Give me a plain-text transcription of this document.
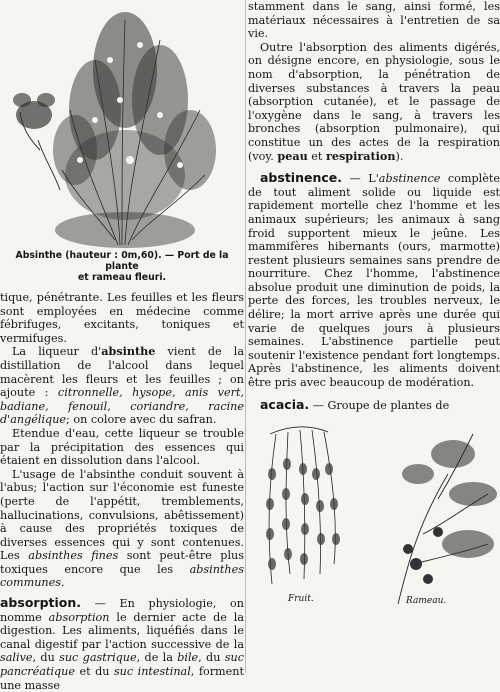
Absinthe (hauteur : 0m,60). — Port de la plante
et rameau fleuri.

tique, pénétrante. Les feuilles et les fleurs sont employées en médecine comme fébrifuges, excitants, toniques et vermifuges.

La liqueur d'absinthe vient de la distillation de l'alcool dans lequel macèrent les fleurs et les feuilles ; on ajoute : citronnelle, hysope, anis vert, badiane, fenouil, coriandre, racine d'angélique; on colore avec du safran.

Etendue d'eau, cette liqueur se trouble par la précipitation des essences qui étaient en dissolution dans l'alcool.

L'usage de l'absinthe conduit souvent à l'abus; l'action sur l'économie est funeste (perte de l'appétit, tremblements, hallucinations, convulsions, abêtissement) à cause des propriétés toxiques de diverses essences qui y sont contenues. Les absinthes fines sont peut-être plus toxiques encore que les absinthes communes.

absorption. — En physiologie, on nomme absorption le dernier acte de la digestion. Les aliments, liquéfiés dans le canal digestif par l'action successive de la salive, du suc gastrique, de la bile, du suc pancréatique et du suc intestinal, forment une masse

stamment dans le sang, ainsi formé, les matériaux nécessaires à l'entretien de sa vie.

Outre l'absorption des aliments digérés, on désigne encore, en physiologie, sous le nom d'absorption, la pénétration de diverses substances à travers la peau (absorption cutanée), et le passage de l'oxygène dans le sang, à travers les bronches (absorption pulmonaire), qui constitue un des actes de la respiration (voy. peau et respiration).

abstinence. — L'abstinence complète de tout aliment solide ou liquide est rapidement mortelle chez l'homme et les animaux supérieurs; les animaux à sang froid supportent mieux le jeûne. Les mammifères hibernants (ours, marmotte) restent plusieurs semaines sans prendre de nourriture. Chez l'homme, l'abstinence absolue produit une diminution de poids, la perte des forces, les troubles nerveux, le délire; la mort arrive après une durée qui varie de quelques jours à plusieurs semaines. L'abstinence partielle peut soutenir l'existence pendant fort longtemps. Après l'abstinence, les aliments doivent être pris avec beaucoup de modération.

acacia. — Groupe de plantes de

Fruit.	Rameau.
